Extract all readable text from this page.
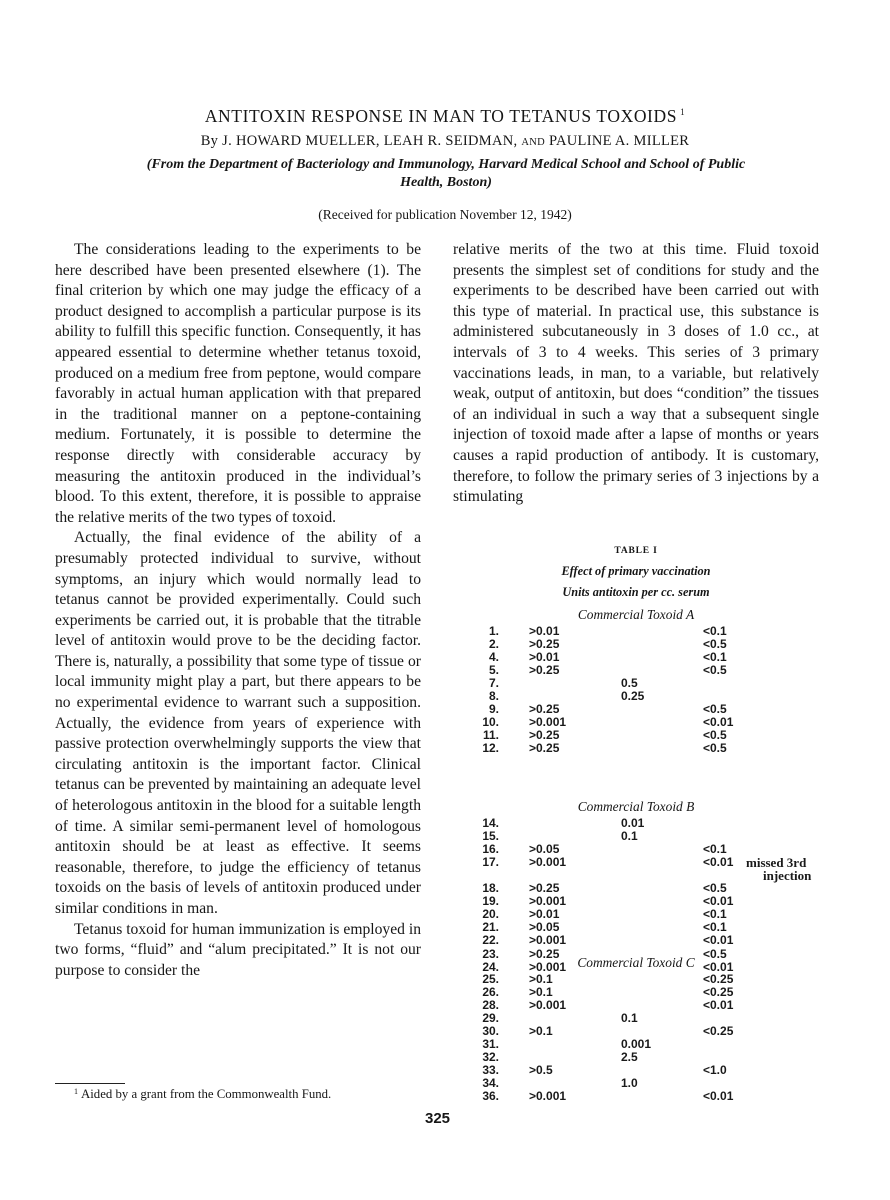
ANTITOXIN RESPONSE IN MAN TO TETANUS TOXOIDS $^1$
By J. HOWARD MUELLER, LEAH R. SEIDMAN, AND PAULINE A. MILLER
(From the Department of Bacteriology and Immunology, Harvard Medical School and School of Public Health, Boston)
(Received for publication November 12, 1942)

The considerations leading to the experiments to be here described have been presented elsewhere (1). The final criterion by which one may judge the efficacy of a product designed to accomplish a particular purpose is its ability to fulfill this specific function. Consequently, it has appeared essential to determine whether tetanus toxoid, produced on a medium free from peptone, would compare favorably in actual human application with that prepared in the traditional manner on a peptone-containing medium. Fortunately, it is possible to determine the response directly with considerable accuracy by measuring the antitoxin produced in the individual’s blood. To this extent, therefore, it is possible to appraise the relative merits of the two types of toxoid.

Actually, the final evidence of the ability of a presumably protected individual to survive, without symptoms, an injury which would normally lead to tetanus cannot be provided experimentally. Could such experiments be carried out, it is probable that the titrable level of antitoxin would prove to be the deciding factor. There is, naturally, a possibility that some type of tissue or local immunity might play a part, but there appears to be no experimental evidence to warrant such a supposition. Actually, the evidence from years of experience with passive protection overwhelmingly supports the view that circulating antitoxin is the important factor. Clinical tetanus can be prevented by maintaining an adequate level of heterologous antitoxin in the blood for a suitable length of time. A similar semi-permanent level of homologous antitoxin should be at least as effective. It seems reasonable, therefore, to judge the efficiency of tetanus toxoids on the basis of levels of antitoxin produced under similar conditions in man.

Tetanus toxoid for human immunization is employed in two forms, “fluid” and “alum precipitated.” It is not our purpose to consider the

$^1$ Aided by a grant from the Commonwealth Fund.

relative merits of the two at this time. Fluid toxoid presents the simplest set of conditions for study and the experiments to be described have been carried out with this type of material. In practical use, this substance is administered subcutaneously in 3 doses of 1.0 cc., at intervals of 3 to 4 weeks. This series of 3 primary vaccinations leads, in man, to a variable, but relatively weak, output of antitoxin, but does “condition” the tissues of an individual in such a way that a subsequent single injection of toxoid made after a lapse of months or years causes a rapid production of antibody. It is customary, therefore, to follow the primary series of 3 injections by a stimulating

TABLE I
Effect of primary vaccination
Units antitoxin per cc. serum
Commercial Toxoid A
1.	>0.01	<0.1
2.	>0.25	<0.5
4.	>0.01	<0.1
5.	>0.25	<0.5
7.	0.5
8.	0.25
9.	>0.25	<0.5
10.	>0.001	<0.01
11.	>0.25	<0.5
12.	>0.25	<0.5
Commercial Toxoid B
14.	0.01
15.	0.1
16.	>0.05	<0.1
17.	>0.001	<0.01 missed 3rd
injection
18.	>0.25	<0.5
19.	>0.001	<0.01
20.	>0.01	<0.1
21.	>0.05	<0.1
22.	>0.001	<0.01
23.	>0.25	<0.5
24.	>0.001	<0.01
Commercial Toxoid C
25.	>0.1	<0.25
26.	>0.1	<0.25
28.	>0.001	<0.01
29.	0.1
30.	>0.1	<0.25
31.	0.001
32.	2.5
33.	>0.5	<1.0
34.	1.0
36.	>0.001	<0.01
325
